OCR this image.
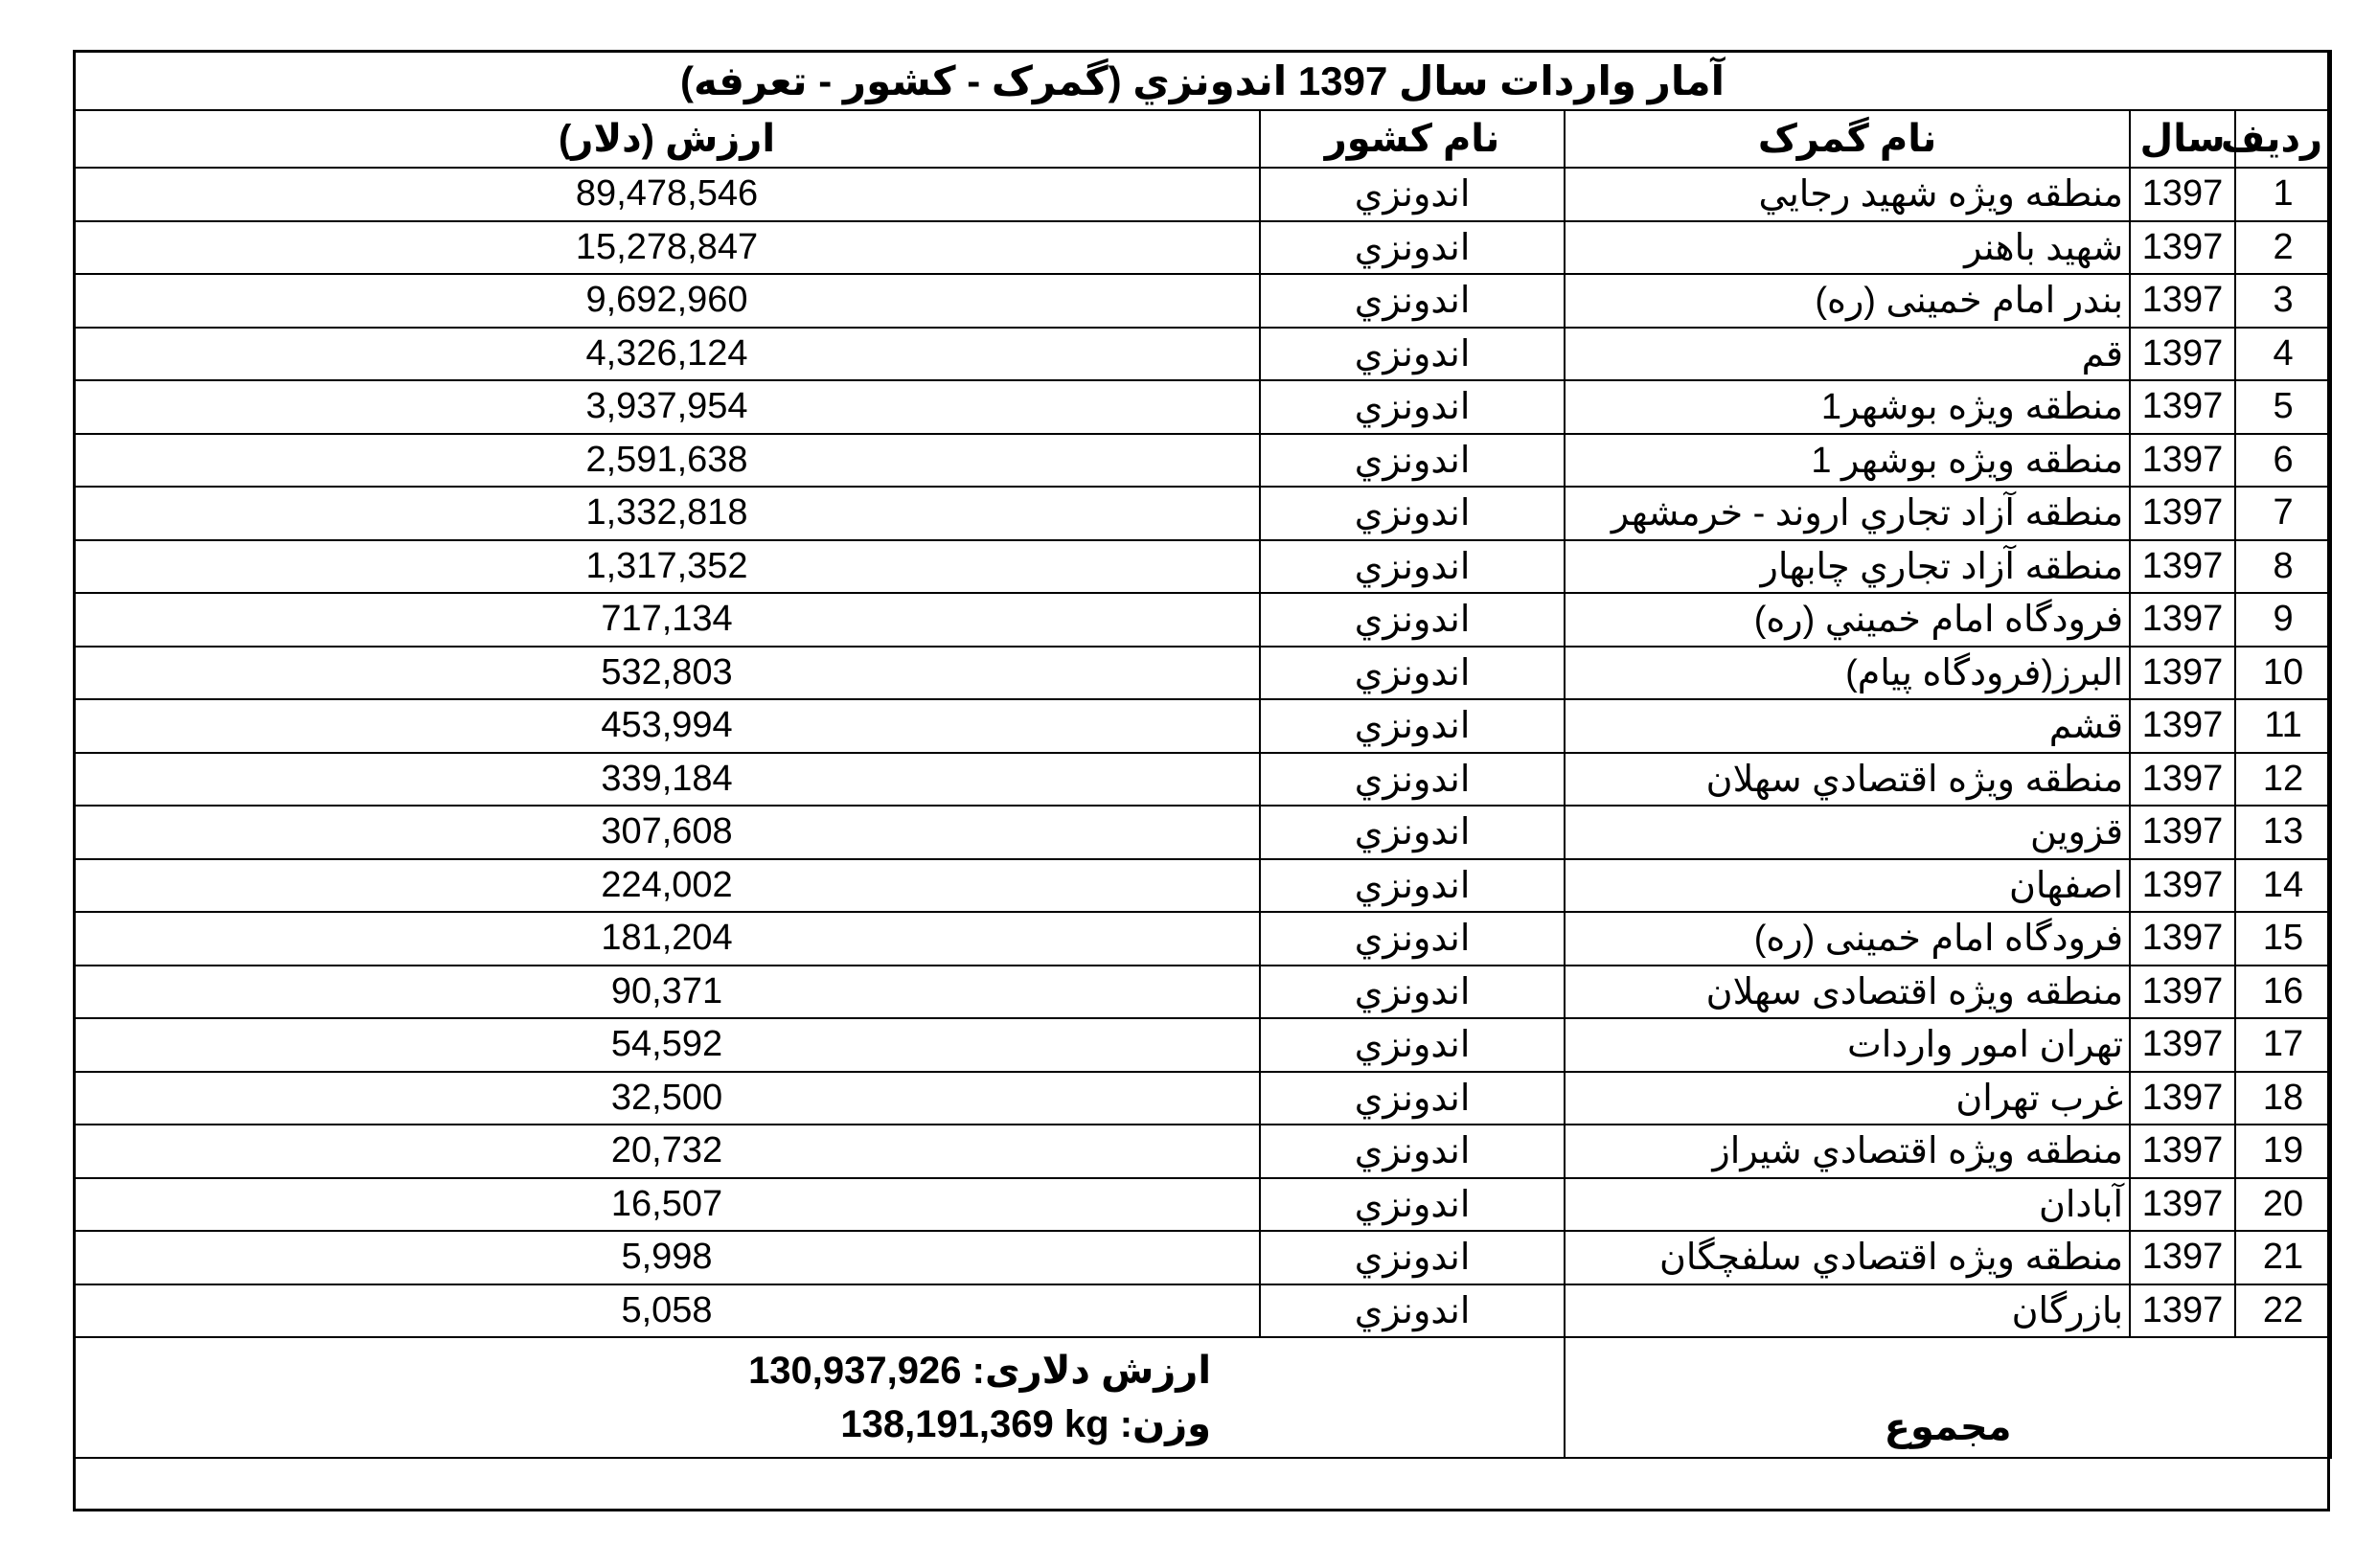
آمار واردات سال 1397 اندونزي (گمرک - کشور - تعرفه)				
رديف	سال	نام گمرک	نام کشور	ارزش (دلار)
1	1397	منطقه ويژه شهيد رجايي	اندونزي	89,478,546
2	1397	شهيد باهنر	اندونزي	15,278,847
3	1397	بندر امام خمینی (ره)	اندونزي	9,692,960
4	1397	قم	اندونزي	4,326,124
5	1397	منطقه ويژه بوشهر1	اندونزي	3,937,954
6	1397	منطقه ویژه بوشهر 1	اندونزي	2,591,638
7	1397	منطقه آزاد تجاري اروند - خرمشهر	اندونزي	1,332,818
8	1397	منطقه آزاد تجاري چابهار	اندونزي	1,317,352
9	1397	فرودگاه امام خميني (ره)	اندونزي	717,134
10	1397	البرز(فرودگاه پيام)	اندونزي	532,803
11	1397	قشم	اندونزي	453,994
12	1397	منطقه ويژه اقتصادي سهلان	اندونزي	339,184
13	1397	قزوين	اندونزي	307,608
14	1397	اصفهان	اندونزي	224,002
15	1397	فرودگاه امام خمینی (ره)	اندونزي	181,204
16	1397	منطقه ویژه اقتصادی سهلان	اندونزي	90,371
17	1397	تهران امور واردات	اندونزي	54,592
18	1397	غرب تهران	اندونزي	32,500
19	1397	منطقه ويژه اقتصادي شيراز	اندونزي	20,732
20	1397	آبادان	اندونزي	16,507
21	1397	منطقه ويژه اقتصادي سلفچگان	اندونزي	5,998
22	1397	بازرگان	اندونزي	5,058
مجموع			ارزش دلاری: 130,937,926
وزن: 138,191,369 kg	
